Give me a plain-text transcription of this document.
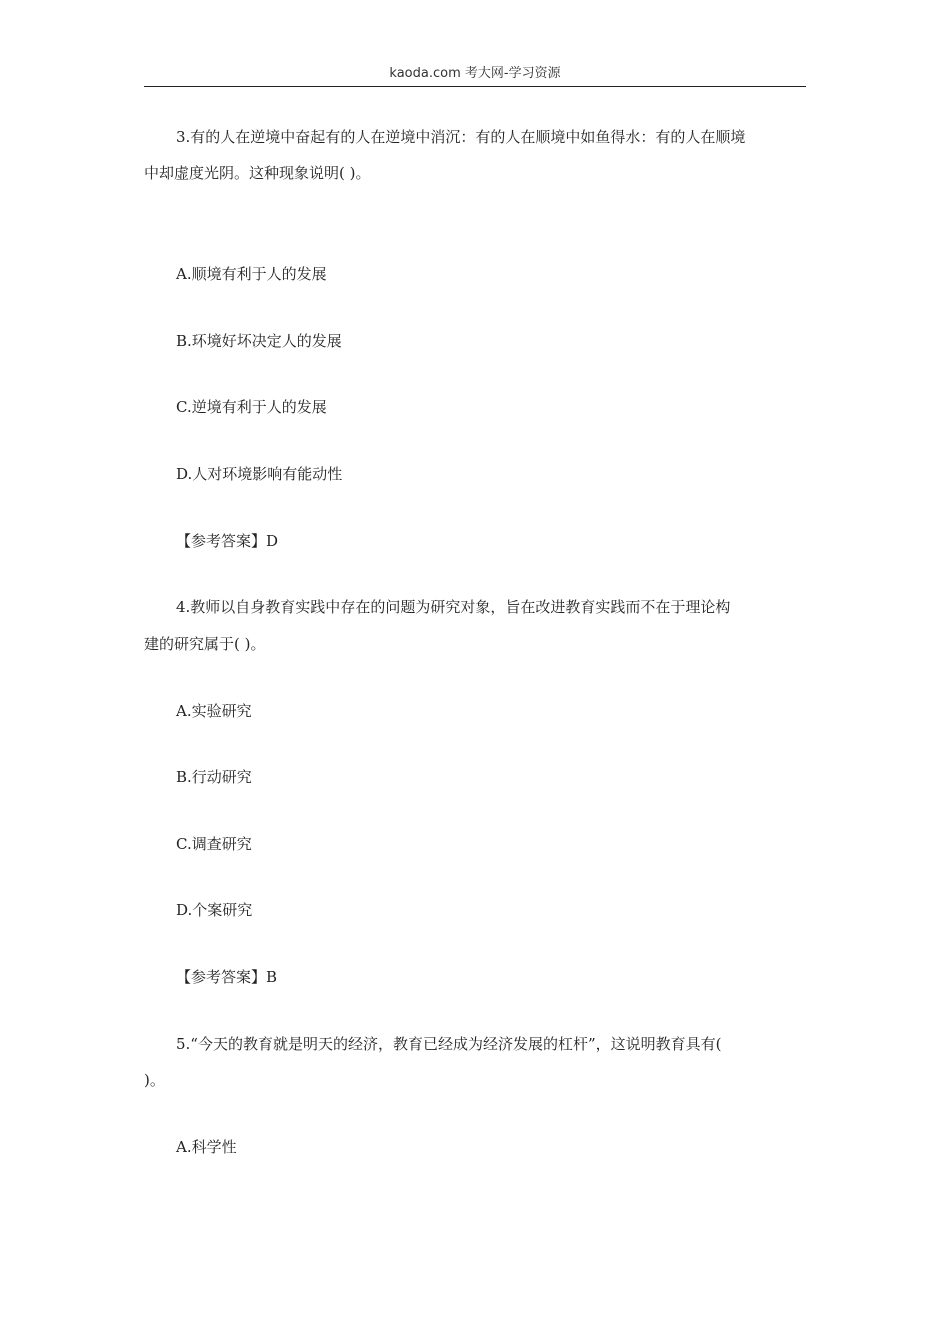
kaoda.com 考大网-学习资源
3.有的人在逆境中奋起有的人在逆境中消沉：有的人在顺境中如鱼得水：有的人在顺境
中却虚度光阴。这种现象说明( )。
A.顺境有利于人的发展
B.环境好坏决定人的发展
C.逆境有利于人的发展
D.人对环境影响有能动性
【参考答案】D
4.教师以自身教育实践中存在的问题为研究对象，旨在改进教育实践而不在于理论构
建的研究属于( )。
A.实验研究
B.行动研究
C.调查研究
D.个案研究
【参考答案】B
5.“今天的教育就是明天的经济，教育已经成为经济发展的杠杆”，这说明教育具有(
)。
A.科学性
